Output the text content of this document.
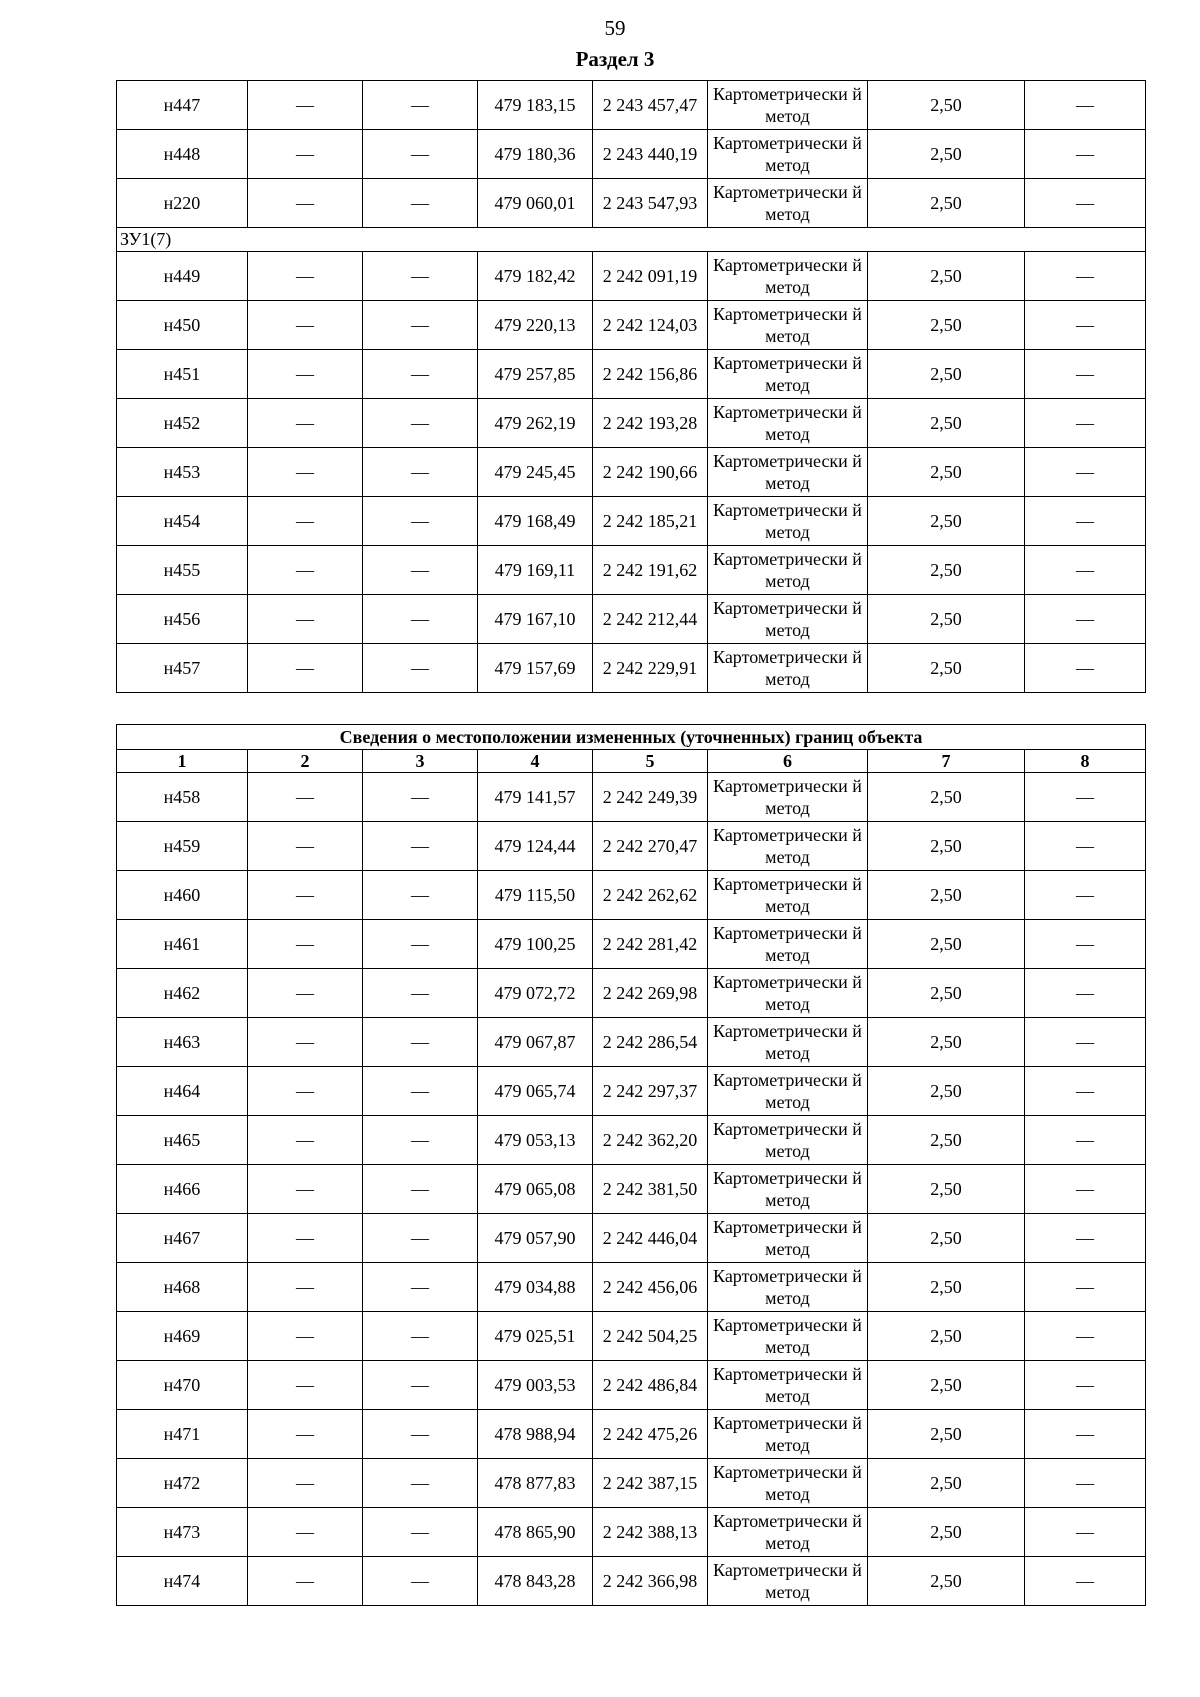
59
Раздел 3
н447	—	—	479 183,15	2 243 457,47	Картометрически й метод	2,50	—
н448	—	—	479 180,36	2 243 440,19	Картометрически й метод	2,50	—
н220	—	—	479 060,01	2 243 547,93	Картометрически й метод	2,50	—
ЗУ1(7)							
н449	—	—	479 182,42	2 242 091,19	Картометрически й метод	2,50	—
н450	—	—	479 220,13	2 242 124,03	Картометрически й метод	2,50	—
н451	—	—	479 257,85	2 242 156,86	Картометрически й метод	2,50	—
н452	—	—	479 262,19	2 242 193,28	Картометрически й метод	2,50	—
н453	—	—	479 245,45	2 242 190,66	Картометрически й метод	2,50	—
н454	—	—	479 168,49	2 242 185,21	Картометрически й метод	2,50	—
н455	—	—	479 169,11	2 242 191,62	Картометрически й метод	2,50	—
н456	—	—	479 167,10	2 242 212,44	Картометрически й метод	2,50	—
н457	—	—	479 157,69	2 242 229,91	Картометрически й метод	2,50	—
Сведения о местоположении измененных (уточненных) границ объекта							
1	2	3	4	5	6	7	8
н458	—	—	479 141,57	2 242 249,39	Картометрически й метод	2,50	—
н459	—	—	479 124,44	2 242 270,47	Картометрически й метод	2,50	—
н460	—	—	479 115,50	2 242 262,62	Картометрически й метод	2,50	—
н461	—	—	479 100,25	2 242 281,42	Картометрически й метод	2,50	—
н462	—	—	479 072,72	2 242 269,98	Картометрически й метод	2,50	—
н463	—	—	479 067,87	2 242 286,54	Картометрически й метод	2,50	—
н464	—	—	479 065,74	2 242 297,37	Картометрически й метод	2,50	—
н465	—	—	479 053,13	2 242 362,20	Картометрически й метод	2,50	—
н466	—	—	479 065,08	2 242 381,50	Картометрически й метод	2,50	—
н467	—	—	479 057,90	2 242 446,04	Картометрически й метод	2,50	—
н468	—	—	479 034,88	2 242 456,06	Картометрически й метод	2,50	—
н469	—	—	479 025,51	2 242 504,25	Картометрически й метод	2,50	—
н470	—	—	479 003,53	2 242 486,84	Картометрически й метод	2,50	—
н471	—	—	478 988,94	2 242 475,26	Картометрически й метод	2,50	—
н472	—	—	478 877,83	2 242 387,15	Картометрически й метод	2,50	—
н473	—	—	478 865,90	2 242 388,13	Картометрически й метод	2,50	—
н474	—	—	478 843,28	2 242 366,98	Картометрически й метод	2,50	—
